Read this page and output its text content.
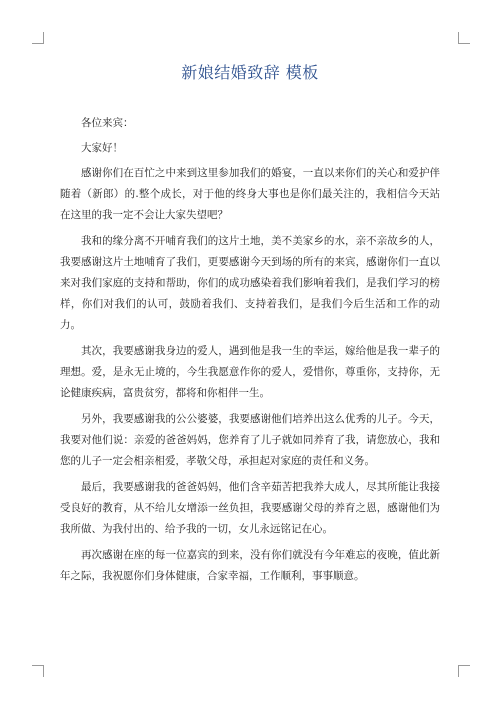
新娘结婚致辞 模板

各位来宾：

大家好！

感谢你们在百忙之中来到这里参加我们的婚宴，一直以来你们的关心和爱护伴随着（新郎）的.整个成长，对于他的终身大事也是你们最关注的，我相信今天站在这里的我一定不会让大家失望吧？

我和的缘分离不开哺育我们的这片土地，美不美家乡的水，亲不亲故乡的人，我要感谢这片土地哺育了我们，更要感谢今天到场的所有的来宾，感谢你们一直以来对我们家庭的支持和帮助，你们的成功感染着我们影响着我们，是我们学习的榜样，你们对我们的认可，鼓励着我们、支持着我们，是我们今后生活和工作的动力。

其次，我要感谢我身边的爱人，遇到他是我一生的幸运，嫁给他是我一辈子的理想。爱，是永无止境的，今生我愿意作你的爱人，爱惜你，尊重你，支持你，无论健康疾病，富贵贫穷，都将和你相伴一生。

另外，我要感谢我的公公婆婆，我要感谢他们培养出这么优秀的儿子。今天，我要对他们说：亲爱的爸爸妈妈，您养育了儿子就如同养育了我，请您放心，我和您的儿子一定会相亲相爱，孝敬父母，承担起对家庭的责任和义务。

最后，我要感谢我的爸爸妈妈，他们含辛茹苦把我养大成人，尽其所能让我接受良好的教育，从不给儿女增添一丝负担，我要感谢父母的养育之恩，感谢他们为我所做、为我付出的、给予我的一切，女儿永远铭记在心。

再次感谢在座的每一位嘉宾的到来，没有你们就没有今年难忘的夜晚，值此新年之际，我祝愿你们身体健康，合家幸福，工作顺利，事事顺意。
